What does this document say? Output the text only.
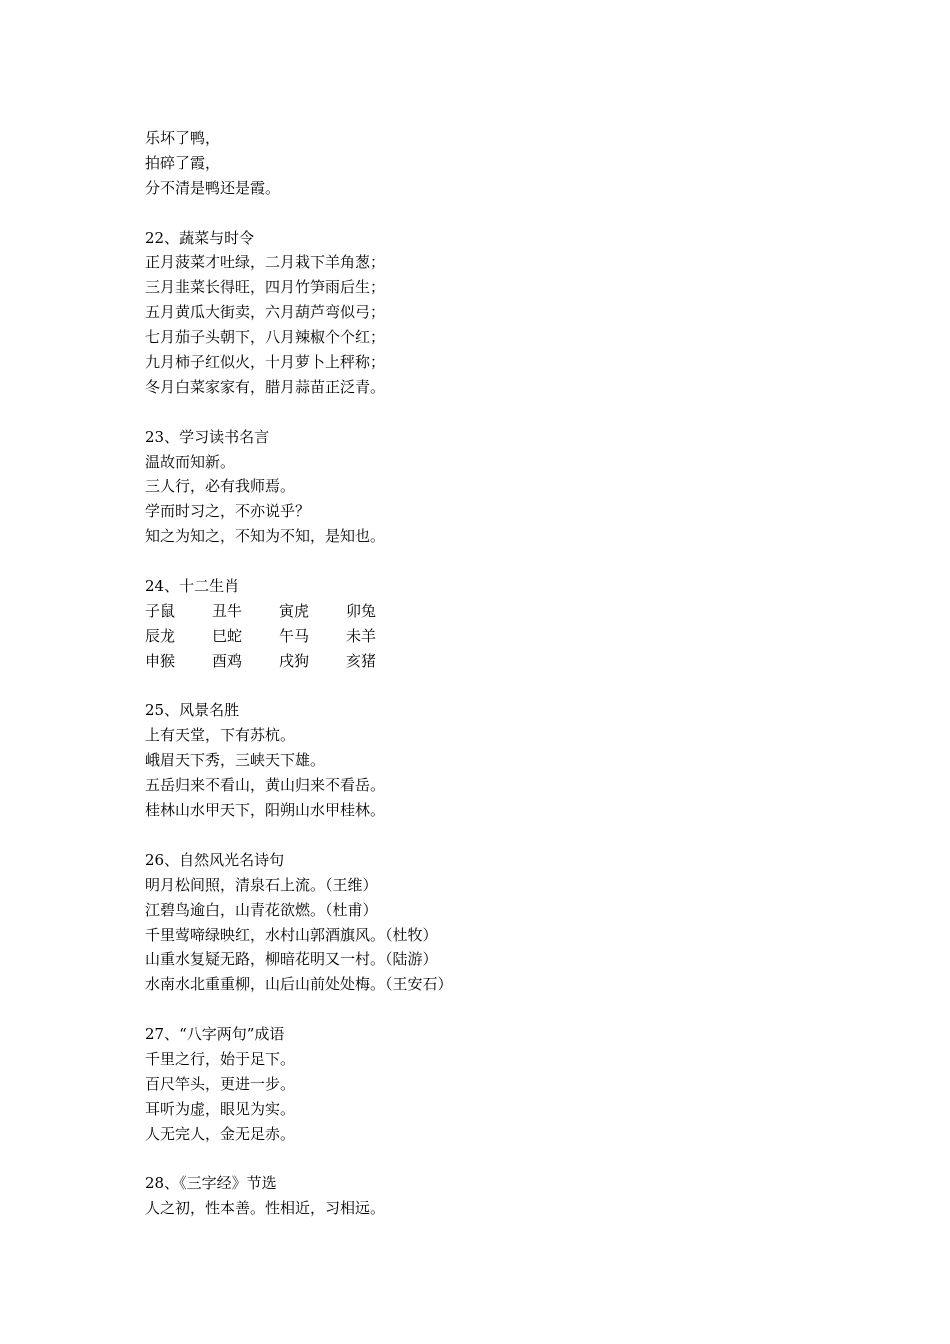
乐坏了鸭，
拍碎了霞，
分不清是鸭还是霞。
22、蔬菜与时令
正月菠菜才吐绿，二月栽下羊角葱；
三月韭菜长得旺，四月竹笋雨后生；
五月黄瓜大街卖，六月葫芦弯似弓；
七月茄子头朝下，八月辣椒个个红；
九月柿子红似火，十月萝卜上秤称；
冬月白菜家家有，腊月蒜苗正泛青。
23、学习读书名言
温故而知新。
三人行，必有我师焉。
学而时习之，不亦说乎？
知之为知之，不知为不知，是知也。
24、十二生肖
子鼠	丑牛	寅虎	卯兔
辰龙	巳蛇	午马	未羊
申猴	酉鸡	戌狗	亥猪
25、风景名胜
上有天堂，下有苏杭。
峨眉天下秀，三峡天下雄。
五岳归来不看山，黄山归来不看岳。
桂林山水甲天下，阳朔山水甲桂林。
26、自然风光名诗句
明月松间照，清泉石上流。（王维）
江碧鸟逾白，山青花欲燃。（杜甫）
千里莺啼绿映红，水村山郭酒旗风。（杜牧）
山重水复疑无路，柳暗花明又一村。（陆游）
水南水北重重柳，山后山前处处梅。（王安石）
27、“八字两句”成语
千里之行，始于足下。
百尺竿头，更进一步。
耳听为虚，眼见为实。
人无完人，金无足赤。
28、《三字经》节选
人之初，性本善。性相近，习相远。
